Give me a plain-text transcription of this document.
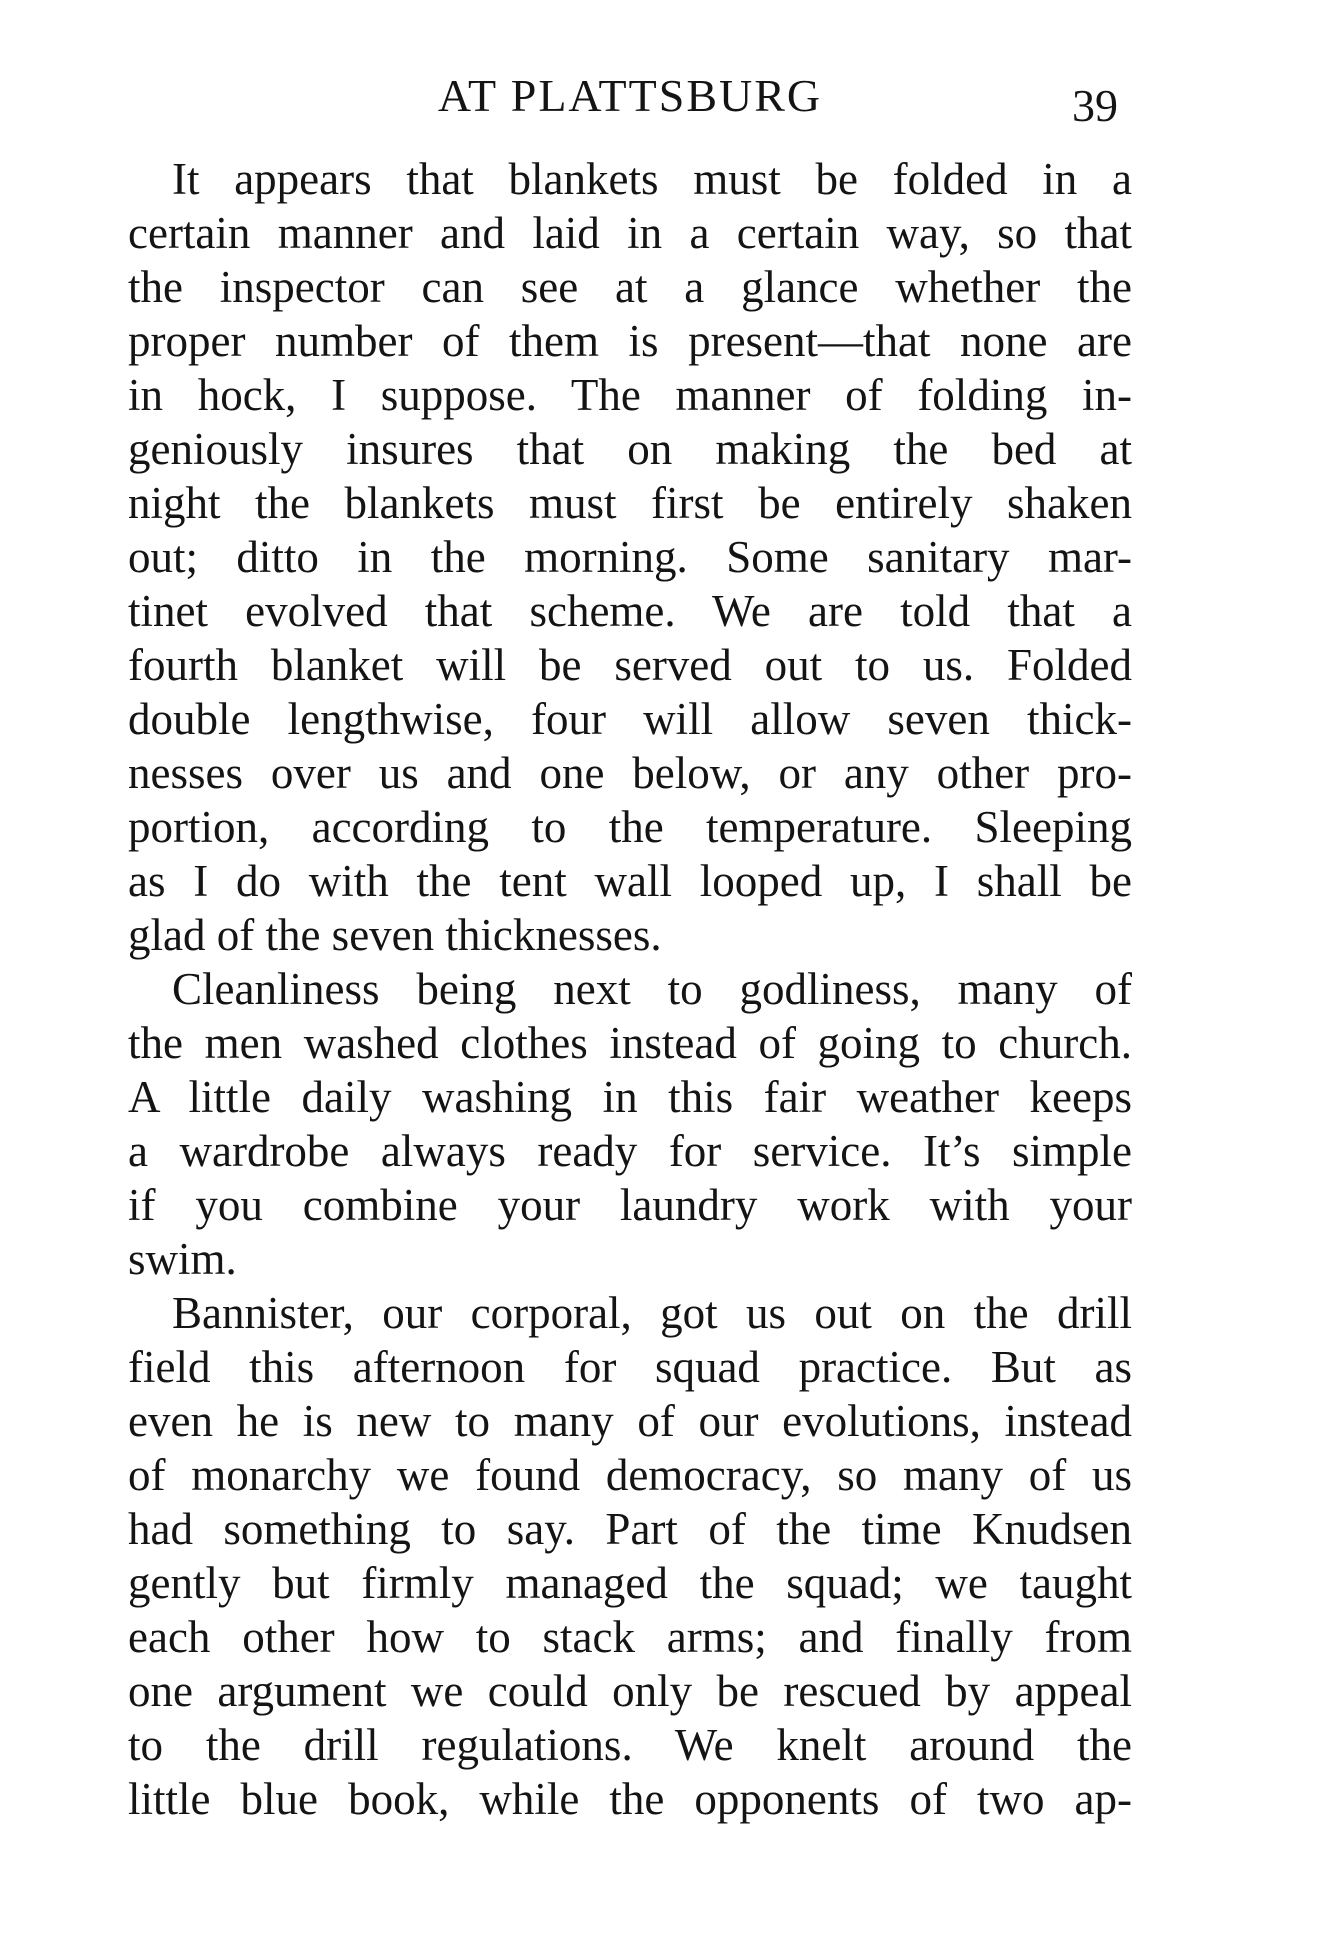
AT PLATTSBURG	39
It appears that blankets must be folded in a
certain manner and laid in a certain way, so that
the inspector can see at a glance whether the
proper number of them is present—that none are
in hock, I suppose. The manner of folding in-
geniously insures that on making the bed at
night the blankets must first be entirely shaken
out; ditto in the morning. Some sanitary mar-
tinet evolved that scheme. We are told that a
fourth blanket will be served out to us. Folded
double lengthwise, four will allow seven thick-
nesses over us and one below, or any other pro-
portion, according to the temperature. Sleeping
as I do with the tent wall looped up, I shall be
glad of the seven thicknesses.
Cleanliness being next to godliness, many of
the men washed clothes instead of going to church.
A little daily washing in this fair weather keeps
a wardrobe always ready for service. It’s simple
if you combine your laundry work with your
swim.
Bannister, our corporal, got us out on the drill
field this afternoon for squad practice. But as
even he is new to many of our evolutions, instead
of monarchy we found democracy, so many of us
had something to say. Part of the time Knudsen
gently but firmly managed the squad; we taught
each other how to stack arms; and finally from
one argument we could only be rescued by appeal
to the drill regulations. We knelt around the
little blue book, while the opponents of two ap-
